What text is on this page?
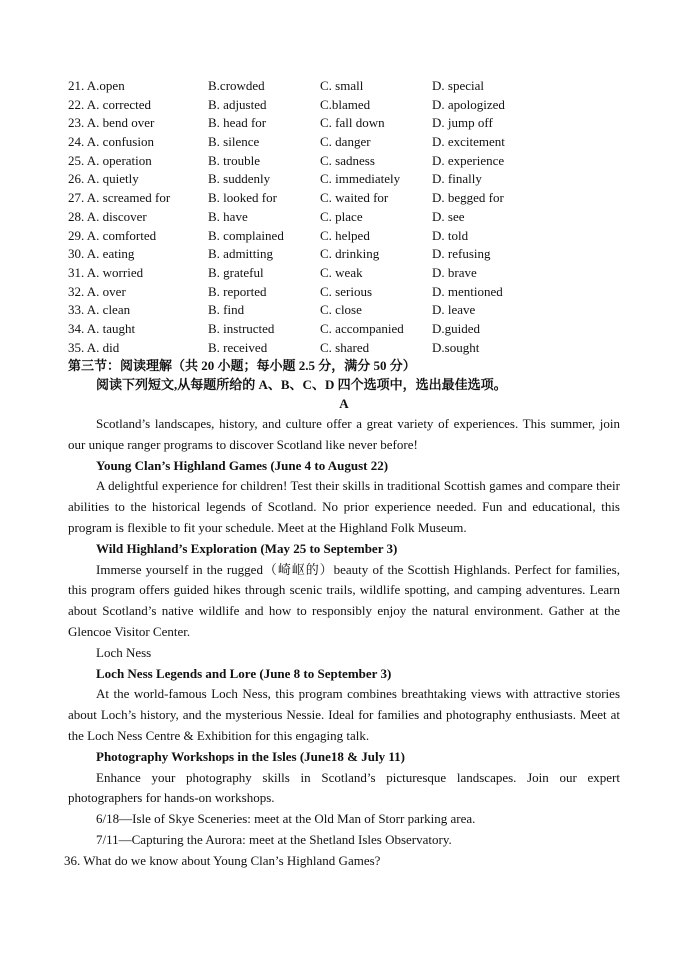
21. A.open	B.crowded	C. small	D. special
22. A. corrected	B. adjusted	C.blamed	D. apologized
23. A. bend over	B. head for	C. fall down	D. jump off
24. A. confusion	B. silence	C. danger	D. excitement
25. A. operation	B. trouble	C. sadness	D. experience
26. A. quietly	B. suddenly	C. immediately D. finally
27. A. screamed for	B. looked for	C. waited for	D. begged for
28. A. discover	B. have	C. place	D. see
29. A. comforted	B. complained	C. helped	D. told
30. A. eating	B. admitting	C. drinking	D. refusing
31. A. worried	B. grateful	C. weak	D. brave
32. A. over	B. reported	C. serious	D. mentioned
33. A. clean	B. find	C. close	D. leave
34. A. taught	B. instructed	C. accompanied D.guided
35. A. did	B. received	C. shared	D.sought
第三节：阅读理解（共 20 小题；每小题 2.5 分，满分 50 分）
阅读下列短文,从每题所给的 A、B、C、D 四个选项中，选出最佳选项。
A

Scotland’s landscapes, history, and culture offer a great variety of experiences. This summer, join our unique ranger programs to discover Scotland like never before!

Young Clan’s Highland Games (June 4 to August 22)

A delightful experience for children! Test their skills in traditional Scottish games and compare their abilities to the historical legends of Scotland. No prior experience needed. Fun and educational, this program is flexible to fit your schedule. Meet at the Highland Folk Museum.

Wild Highland’s Exploration (May 25 to September 3)

Immerse yourself in the rugged（崎岖的）beauty of the Scottish Highlands. Perfect for families, this program offers guided hikes through scenic trails, wildlife spotting, and camping adventures. Learn about Scotland’s native wildlife and how to responsibly enjoy the natural environment. Gather at the Glencoe Visitor Center.

Loch Ness
Loch Ness Legends and Lore (June 8 to September 3)

At the world-famous Loch Ness, this program combines breathtaking views with attractive stories about Loch’s history, and the mysterious Nessie. Ideal for families and photography enthusiasts. Meet at the Loch Ness Centre & Exhibition for this engaging talk.

Photography Workshops in the Isles (June18 & July 11)

Enhance your photography skills in Scotland’s picturesque landscapes. Join our expert photographers for hands-on workshops.

6/18—Isle of Skye Sceneries: meet at the Old Man of Storr parking area.
7/11—Capturing the Aurora: meet at the Shetland Isles Observatory.
36. What do we know about Young Clan’s Highland Games?
